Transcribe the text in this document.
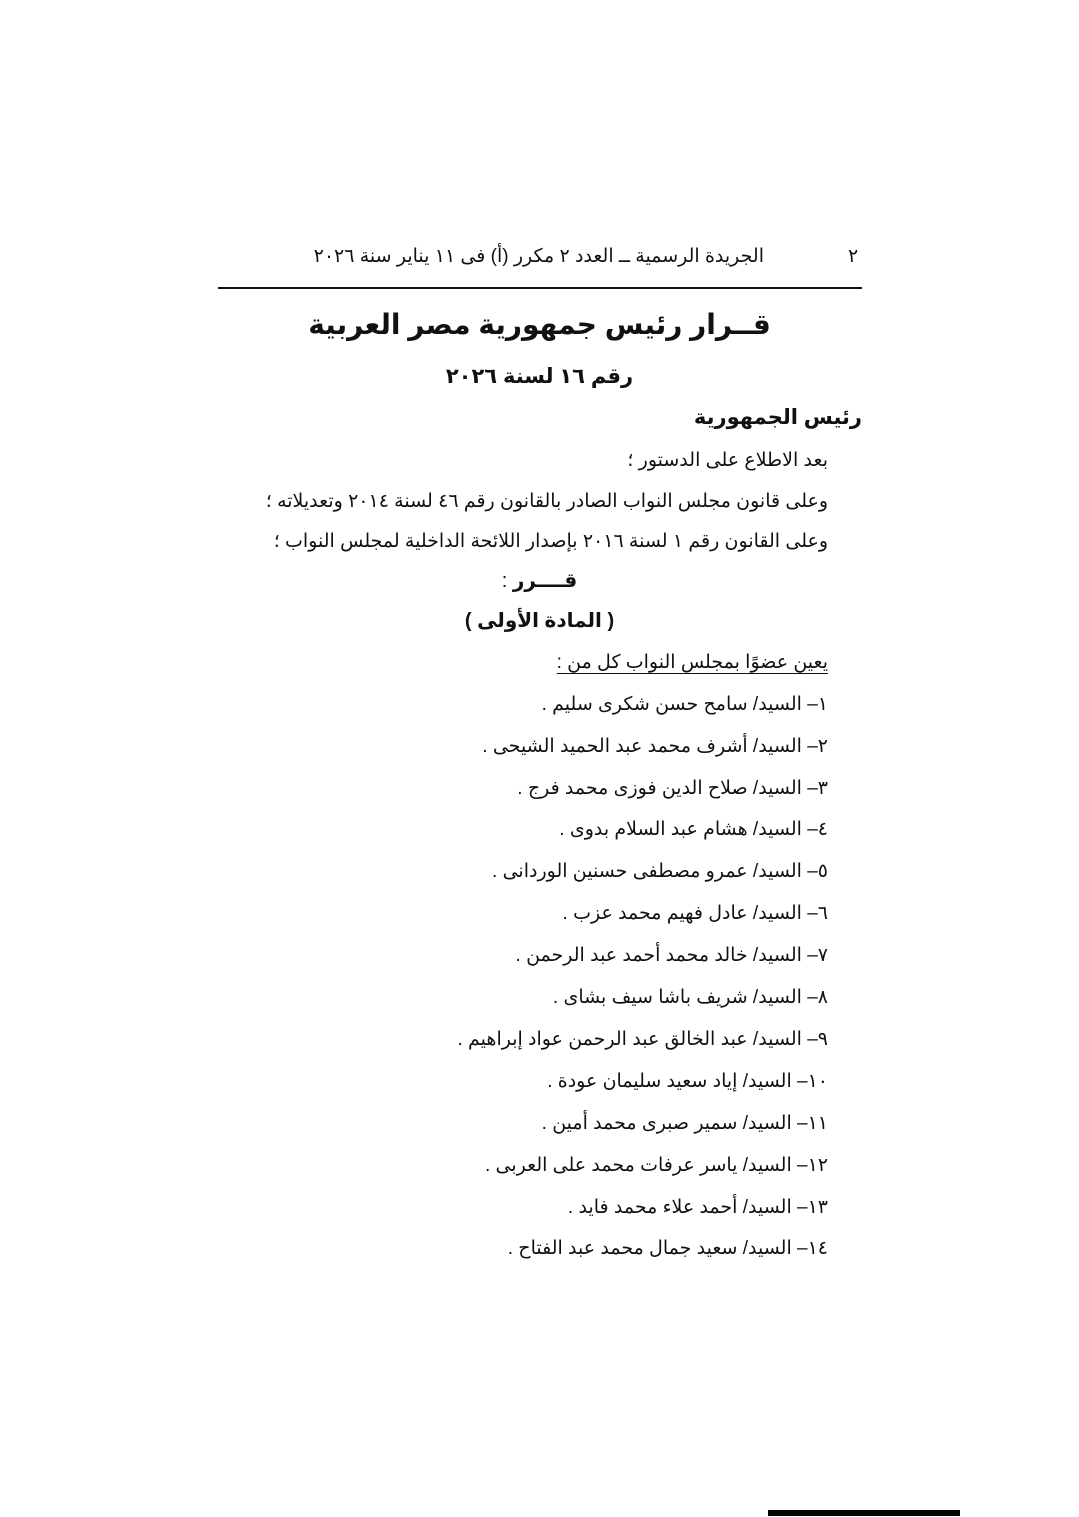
٢
الجريدة الرسمية ــ العدد ٢ مكرر (أ) فى ١١ يناير سنة ٢٠٢٦
قــرار رئيس جمهورية مصر العربية
رقم ١٦ لسنة ٢٠٢٦
رئيس الجمهورية
بعد الاطلاع على الدستور ؛
وعلى قانون مجلس النواب الصادر بالقانون رقم ٤٦ لسنة ٢٠١٤ وتعديلاته ؛
وعلى القانون رقم ١ لسنة ٢٠١٦ بإصدار اللائحة الداخلية لمجلس النواب ؛
قــــرر :
( المادة الأولى )
يعين عضوًا بمجلس النواب كل من :
١– السيد/ سامح حسن شكرى سليم .
٢– السيد/ أشرف محمد عبد الحميد الشيحى .
٣– السيد/ صلاح الدين فوزى محمد فرج .
٤– السيد/ هشام عبد السلام بدوى .
٥– السيد/ عمرو مصطفى حسنين الوردانى .
٦– السيد/ عادل فهيم محمد عزب .
٧– السيد/ خالد محمد أحمد عبد الرحمن .
٨– السيد/ شريف باشا سيف بشاى .
٩– السيد/ عبد الخالق عبد الرحمن عواد إبراهيم .
١٠– السيد/ إياد سعيد سليمان عودة .
١١– السيد/ سمير صبرى محمد أمين .
١٢– السيد/ ياسر عرفات محمد على العربى .
١٣– السيد/ أحمد علاء محمد فايد .
١٤– السيد/ سعيد جمال محمد عبد الفتاح .
